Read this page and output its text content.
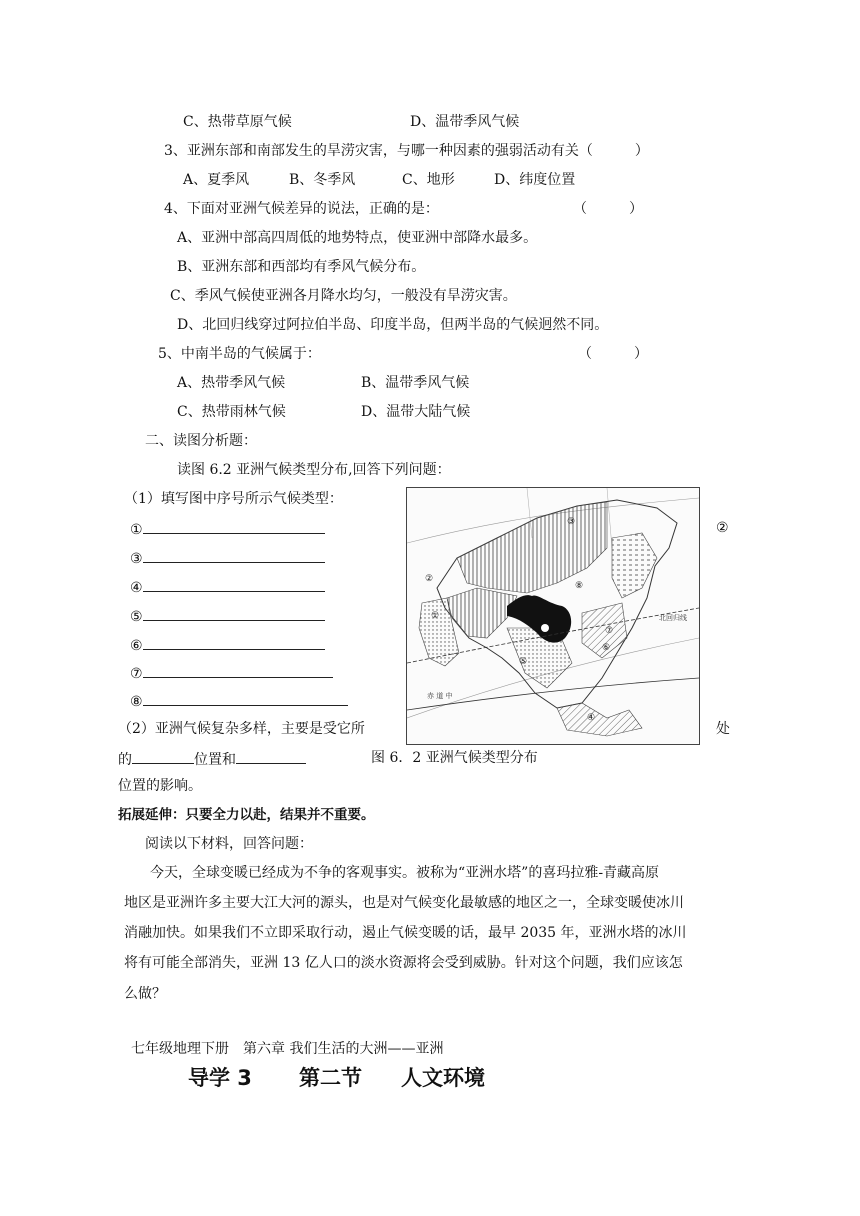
C、热带草原气候	D、温带季风气候
3、亚洲东部和南部发生的旱涝灾害，与哪一种因素的强弱活动有关（　　　）
A、夏季风	B、冬季风	C、地形	D、纬度位置
4、下面对亚洲气候差异的说法，正确的是：	（　　　）
A、亚洲中部高四周低的地势特点，使亚洲中部降水最多。
B、亚洲东部和西部均有季风气候分布。
C、季风气候使亚洲各月降水均匀，一般没有旱涝灾害。
D、北回归线穿过阿拉伯半岛、印度半岛，但两半岛的气候迥然不同。
5、中南半岛的气候属于：	（　　　）
A、热带季风气候	B、温带季风气候
C、热带雨林气候	D、温带大陆气候
二、读图分析题：
读图 6.2 亚洲气候类型分布,回答下列问题：
（1）填写图中序号所示气候类型：
①
③
④
⑤
⑥
⑦
⑧
②
北回归线
赤 道 中
①
②
③
④
⑤
⑥
⑦
⑧
（2）亚洲气候复杂多样，主要是受它所	处
的	位置和	图 6．2 亚洲气候类型分布
位置的影响。
拓展延伸：只要全力以赴，结果并不重要。
阅读以下材料，回答问题：
今天，全球变暖已经成为不争的客观事实。被称为“亚洲水塔”的喜玛拉雅-青藏高原
地区是亚洲许多主要大江大河的源头，也是对气候变化最敏感的地区之一，全球变暖使冰川
消融加快。如果我们不立即采取行动，遏止气候变暖的话，最早 2035 年，亚洲水塔的冰川
将有可能全部消失，亚洲 13 亿人口的淡水资源将会受到威胁。针对这个问题，我们应该怎
么做？
七年级地理下册　第六章 我们生活的大洲——亚洲
导学 3 第二节 人文环境
